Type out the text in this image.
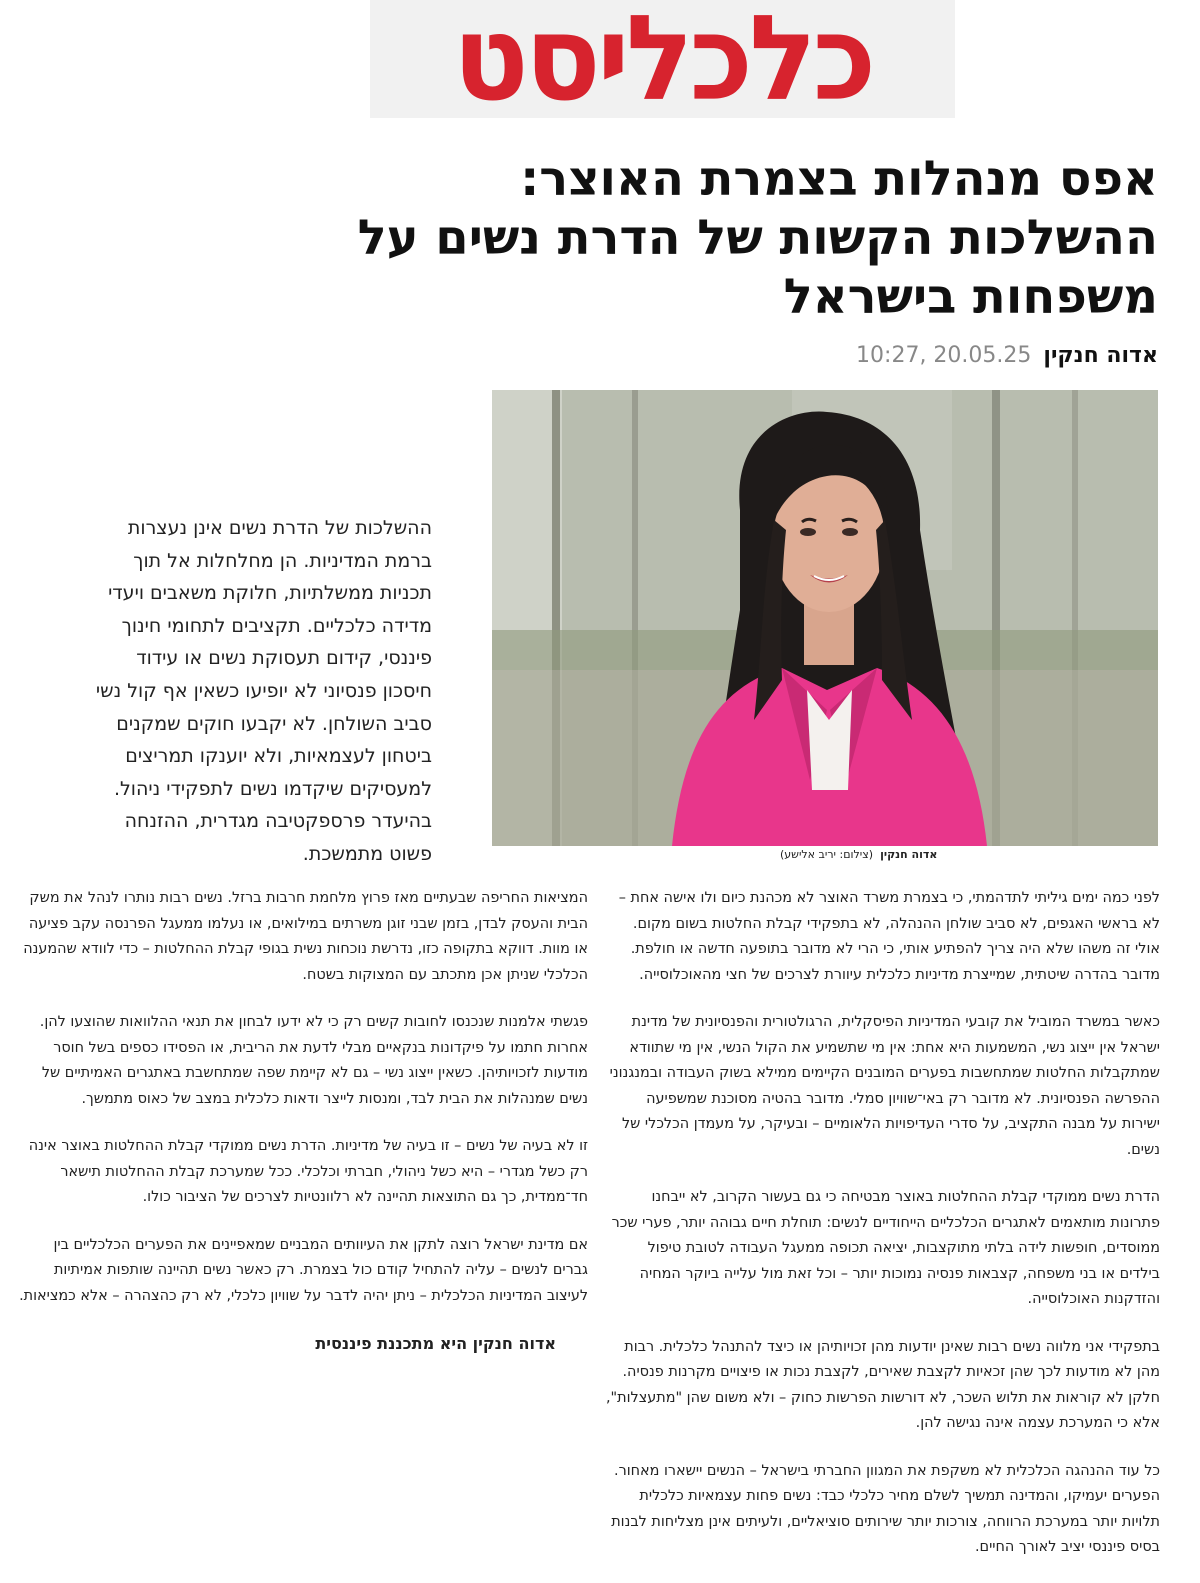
כלכליסט
אפס מנהלות בצמרת האוצר:
ההשלכות הקשות של הדרת נשים על
משפחות בישראל
אדוה חנקין
10:27, 20.05.25
אדוה חנקין  (צילום: יריב אלישע)

ההשלכות של הדרת נשים אינן נעצרות ברמת המדיניות. הן מחלחלות אל תוך תכניות ממשלתיות, חלוקת משאבים ויעדי מדידה כלכליים. תקציבים לתחומי חינוך פיננסי, קידום תעסוקת נשים או עידוד חיסכון פנסיוני לא יופיעו כשאין אף קול נשי סביב השולחן. לא יקבעו חוקים שמקנים ביטחון לעצמאיות, ולא יוענקו תמריצים למעסיקים שיקדמו נשים לתפקידי ניהול. בהיעדר פרספקטיבה מגדרית, ההזנחה פשוט מתמשכת.

לפני כמה ימים גיליתי לתדהמתי, כי בצמרת משרד האוצר לא מכהנת כיום ולו אישה אחת – לא בראשי האגפים, לא סביב שולחן ההנהלה, לא בתפקידי קבלת החלטות בשום מקום. אולי זה משהו שלא היה צריך להפתיע אותי, כי הרי לא מדובר בתופעה חדשה או חולפת. מדובר בהדרה שיטתית, שמייצרת מדיניות כלכלית עיוורת לצרכים של חצי מהאוכלוסייה.

כאשר במשרד המוביל את קובעי המדיניות הפיסקלית, הרגולטורית והפנסיונית של מדינת ישראל אין ייצוג נשי, המשמעות היא אחת: אין מי שתשמיע את הקול הנשי, אין מי שתוודא שמתקבלות החלטות שמתחשבות בפערים המובנים הקיימים ממילא בשוק העבודה ובמנגנוני ההפרשה הפנסיונית. לא מדובר רק באי־שוויון סמלי. מדובר בהטיה מסוכנת שמשפיעה ישירות על מבנה התקציב, על סדרי העדיפויות הלאומיים – ובעיקר, על מעמדן הכלכלי של נשים.

הדרת נשים ממוקדי קבלת ההחלטות באוצר מבטיחה כי גם בעשור הקרוב, לא ייבחנו פתרונות מותאמים לאתגרים הכלכליים הייחודיים לנשים: תוחלת חיים גבוהה יותר, פערי שכר ממוסדים, חופשות לידה בלתי מתוקצבות, יציאה תכופה ממעגל העבודה לטובת טיפול בילדים או בני משפחה, קצבאות פנסיה נמוכות יותר – וכל זאת מול עלייה ביוקר המחיה והזדקנות האוכלוסייה.

בתפקידי אני מלווה נשים רבות שאינן יודעות מהן זכויותיהן או כיצד להתנהל כלכלית. רבות מהן לא מודעות לכך שהן זכאיות לקצבת שאירים, לקצבת נכות או פיצויים מקרנות פנסיה. חלקן לא קוראות את תלוש השכר, לא דורשות הפרשות כחוק – ולא משום שהן "מתעצלות", אלא כי המערכת עצמה אינה נגישה להן.

כל עוד ההנהגה הכלכלית לא משקפת את המגוון החברתי בישראל – הנשים יישארו מאחור. הפערים יעמיקו, והמדינה תמשיך לשלם מחיר כלכלי כבד: נשים פחות עצמאיות כלכלית תלויות יותר במערכת הרווחה, צורכות יותר שירותים סוציאליים, ולעיתים אינן מצליחות לבנות בסיס פיננסי יציב לאורך החיים.

המציאות החריפה שבעתיים מאז פרוץ מלחמת חרבות ברזל. נשים רבות נותרו לנהל את משק הבית והעסק לבדן, בזמן שבני זוגן משרתים במילואים, או נעלמו ממעגל הפרנסה עקב פציעה או מוות. דווקא בתקופה כזו, נדרשת נוכחות נשית בגופי קבלת ההחלטות – כדי לוודא שהמענה הכלכלי שניתן אכן מתכתב עם המצוקות בשטח.

פגשתי אלמנות שנכנסו לחובות קשים רק כי לא ידעו לבחון את תנאי ההלוואות שהוצעו להן. אחרות חתמו על פיקדונות בנקאיים מבלי לדעת את הריבית, או הפסידו כספים בשל חוסר מודעות לזכויותיהן. כשאין ייצוג נשי – גם לא קיימת שפה שמתחשבת באתגרים האמיתיים של נשים שמנהלות את הבית לבד, ומנסות לייצר ודאות כלכלית במצב של כאוס מתמשך.

זו לא בעיה של נשים – זו בעיה של מדיניות. הדרת נשים ממוקדי קבלת ההחלטות באוצר אינה רק כשל מגדרי – היא כשל ניהולי, חברתי וכלכלי. ככל שמערכת קבלת ההחלטות תישאר חד־ממדית, כך גם התוצאות תהיינה לא רלוונטיות לצרכים של הציבור כולו.

אם מדינת ישראל רוצה לתקן את העיוותים המבניים שמאפיינים את הפערים הכלכליים בין גברים לנשים – עליה להתחיל קודם כול בצמרת. רק כאשר נשים תהיינה שותפות אמיתיות לעיצוב המדיניות הכלכלית – ניתן יהיה לדבר על שוויון כלכלי, לא רק כהצהרה – אלא כמציאות.

אדוה חנקין היא מתכננת פיננסית
